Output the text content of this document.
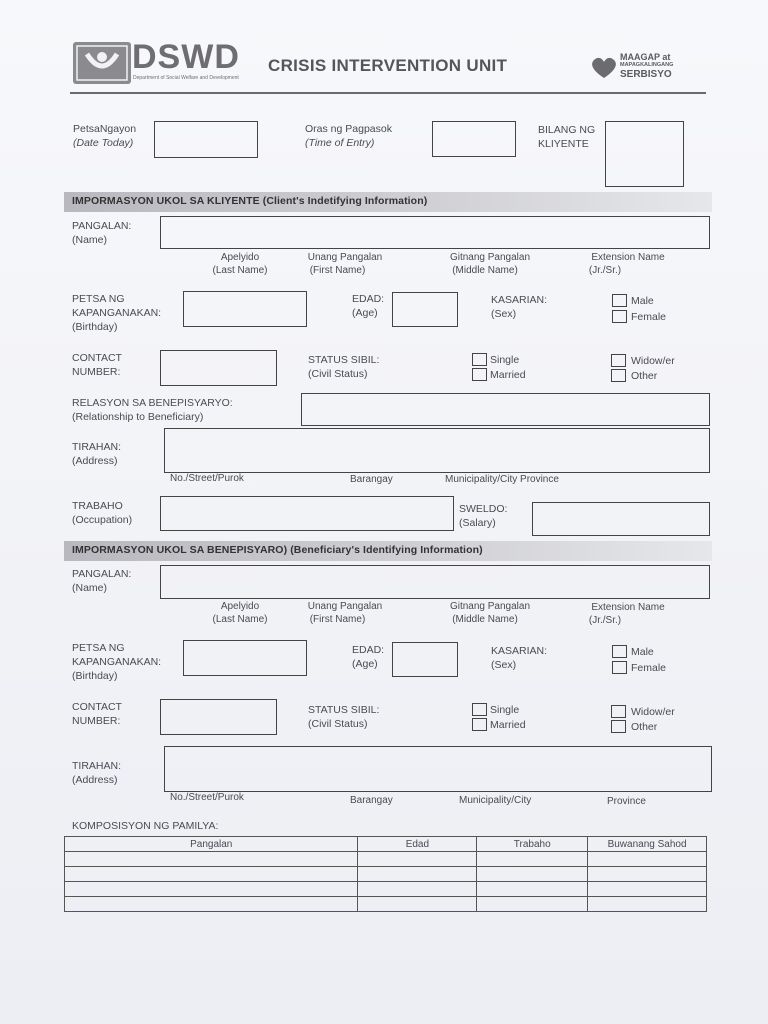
DSWD
Department of Social Welfare and Development
CRISIS INTERVENTION UNIT	MAAGAP at
MAPAGKALINGANG
SERBISYO
PetsaNgayon
(Date Today)
Oras ng Pagpasok
(Time of Entry)
BILANG NG
KLIYENTE
IMPORMASYON UKOL SA KLIYENTE (Client's Indetifying Information)
PANGALAN:
(Name)
Apelyido
(Last Name)
Unang Pangalan
(First Name)
Gitnang Pangalan
(Middle Name)
Extension Name
(Jr./Sr.)
PETSA NG
KAPANGANAKAN:
(Birthday)
EDAD:
(Age)
KASARIAN:
(Sex)
Male
Female
CONTACT
NUMBER:
STATUS SIBIL:
(Civil Status)
Single
Married
Widow/er
Other
RELASYON SA BENEPISYARYO:
(Relationship to Beneficiary)
TIRAHAN:
(Address)
No./Street/Purok	Barangay	Municipality/City Province
TRABAHO
(Occupation)
SWELDO:
(Salary)
IMPORMASYON UKOL SA BENEPISYARO) (Beneficiary's Identifying Information)
PANGALAN:
(Name)
Apelyido
(Last Name)
Unang Pangalan
(First Name)
Gitnang Pangalan
(Middle Name)
Extension Name
(Jr./Sr.)
PETSA NG
KAPANGANAKAN:
(Birthday)
EDAD:
(Age)
KASARIAN:
(Sex)
Male
Female
CONTACT
NUMBER:
STATUS SIBIL:
(Civil Status)
Single
Married
Widow/er
Other
TIRAHAN:
(Address)
No./Street/Purok	Barangay	Municipality/City	Province
KOMPOSISYON NG PAMILYA:
Pangalan	Edad	Trabaho	Buwanang Sahod
